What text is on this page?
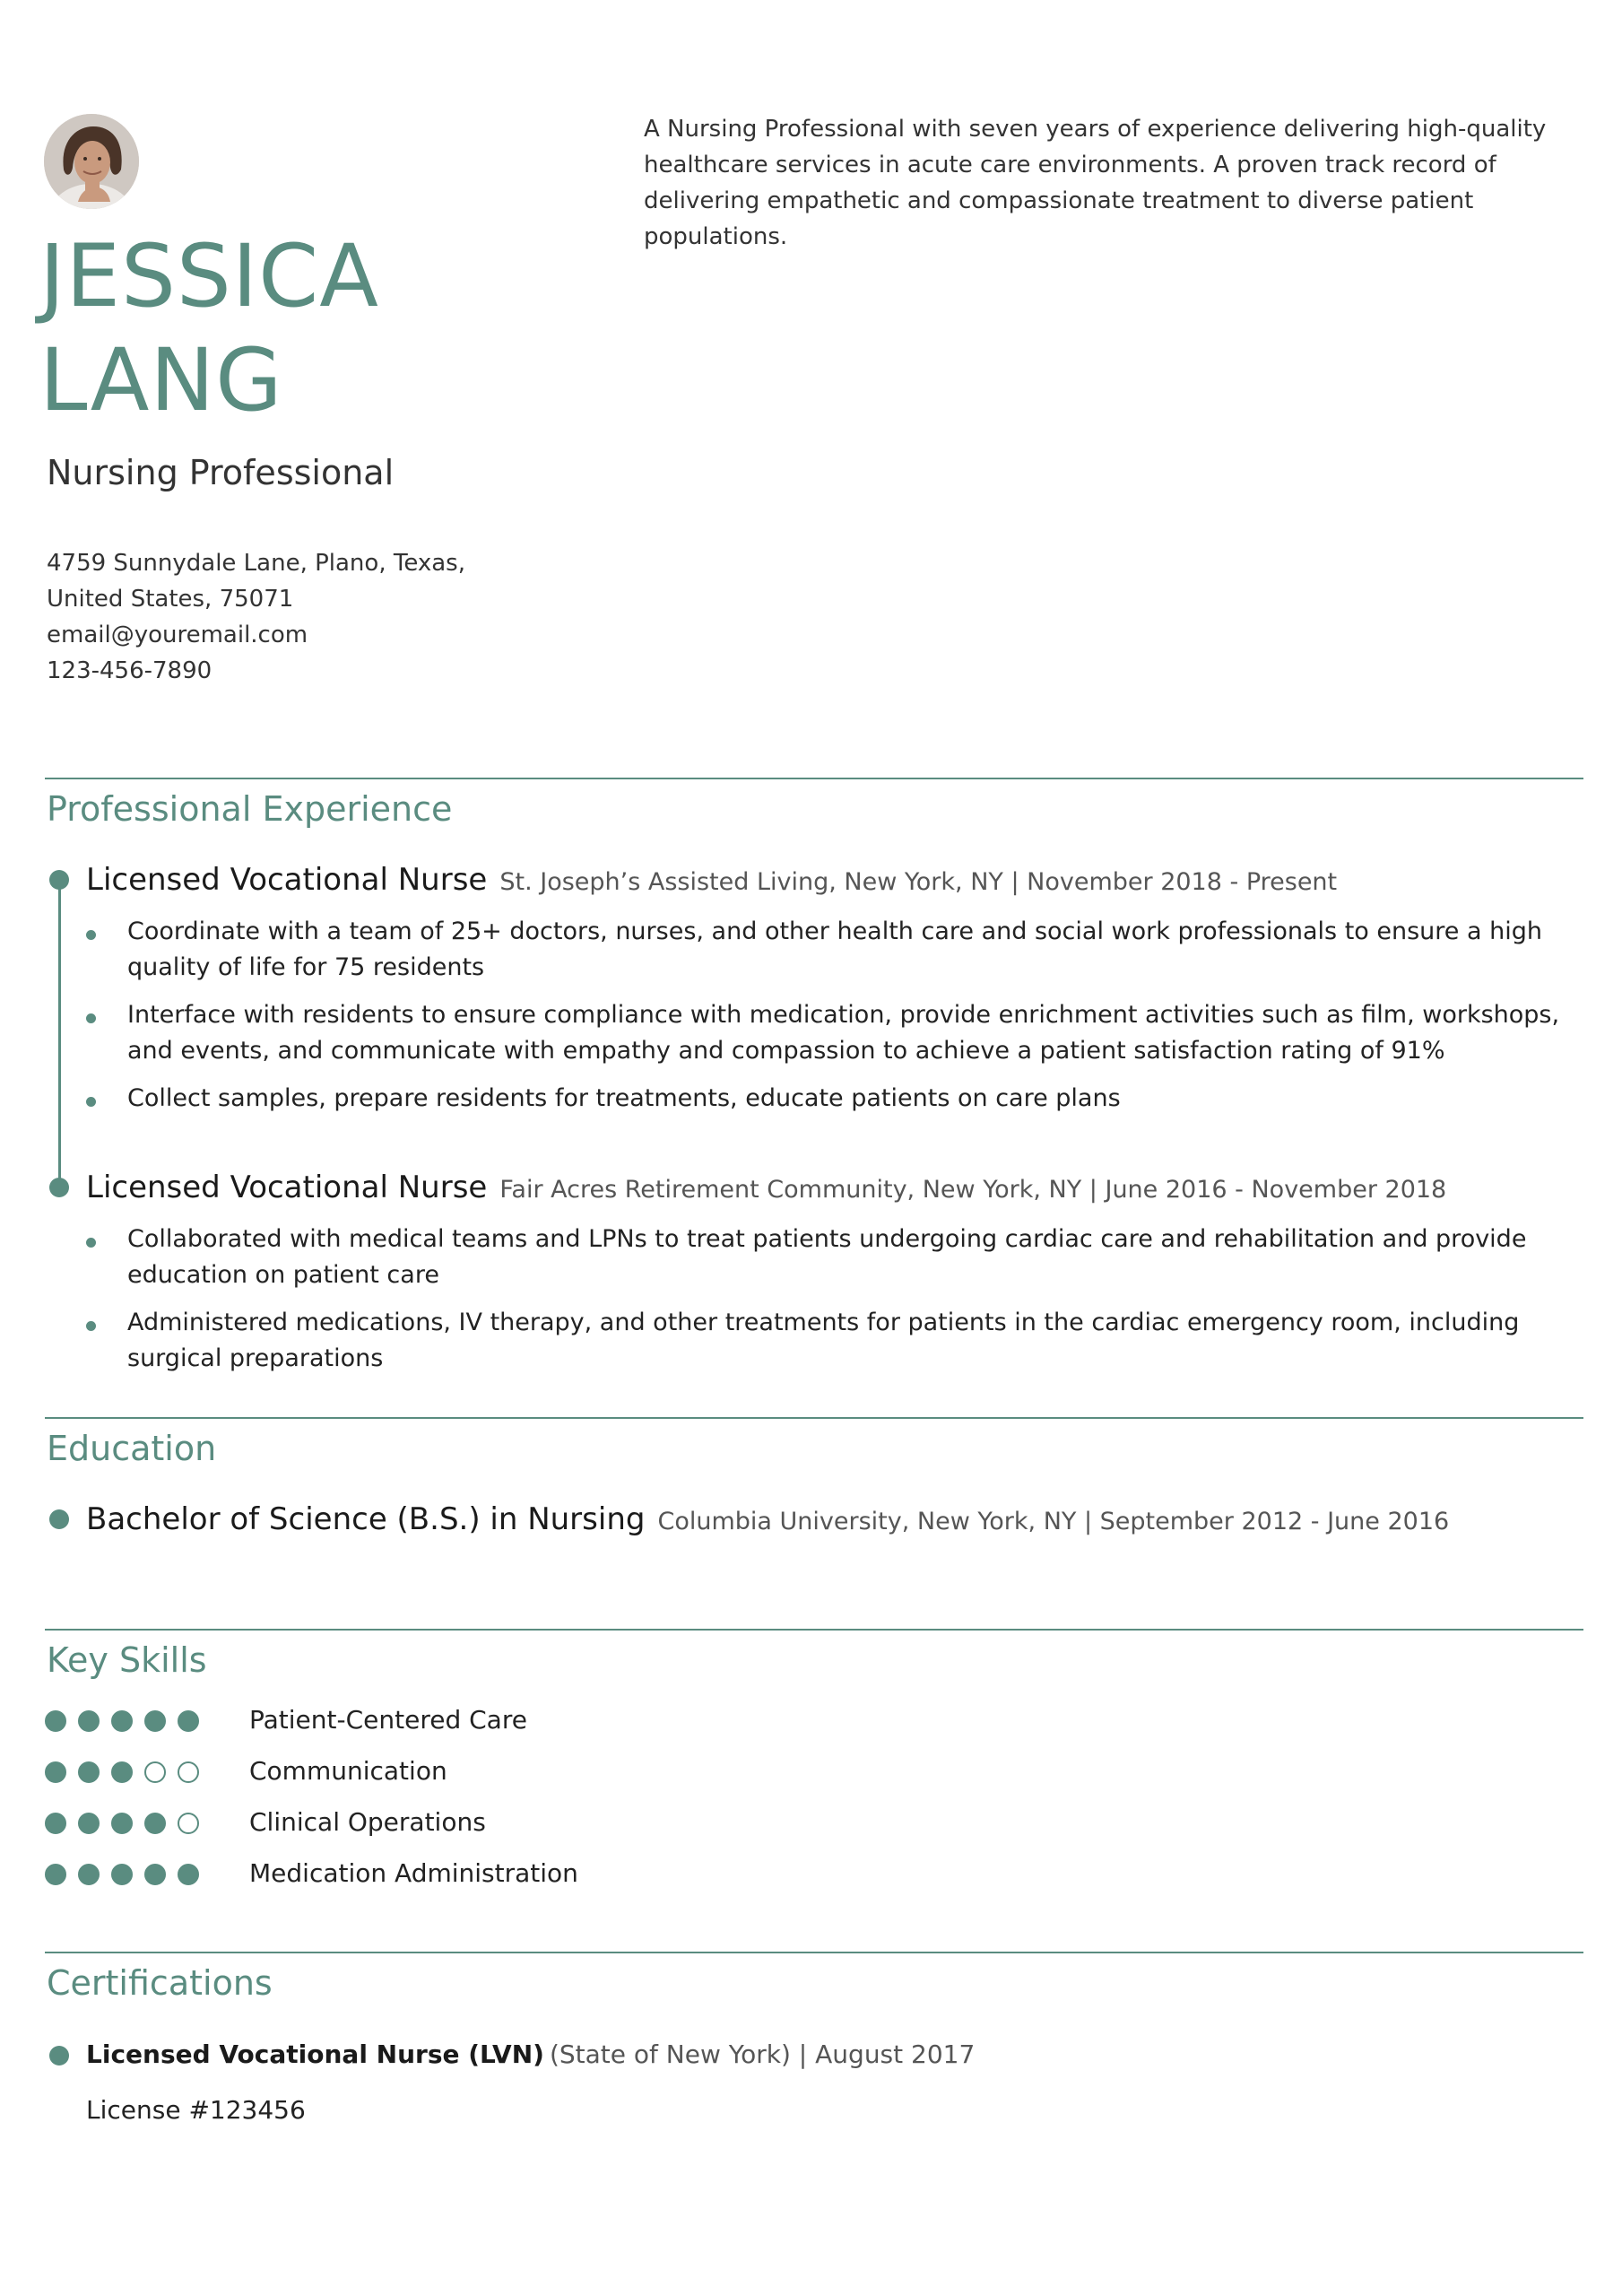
A Nursing Professional with seven years of experience delivering high-quality healthcare services in acute care environments. A proven track record of delivering empathetic and compassionate treatment to diverse patient populations.

JESSICA
LANG
Nursing Professional
4759 Sunnydale Lane, Plano, Texas, United States, 75071
email@youremail.com
123-456-7890
Professional Experience
Licensed Vocational Nurse St. Joseph’s Assisted Living, New York, NY | November 2018 - Present
Coordinate with a team of 25+ doctors, nurses, and other health care and social work professionals to ensure a high quality of life for 75 residents
Interface with residents to ensure compliance with medication, provide enrichment activities such as film, workshops, and events, and communicate with empathy and compassion to achieve a patient satisfaction rating of 91%
Collect samples, prepare residents for treatments, educate patients on care plans
Licensed Vocational Nurse Fair Acres Retirement Community, New York, NY | June 2016 - November 2018
Collaborated with medical teams and LPNs to treat patients undergoing cardiac care and rehabilitation and provide education on patient care
Administered medications, IV therapy, and other treatments for patients in the cardiac emergency room, including surgical preparations
Education
Bachelor of Science (B.S.) in Nursing Columbia University, New York, NY | September 2012 - June 2016
Key Skills
Patient-Centered Care
Communication
Clinical Operations
Medication Administration
Certifications
Licensed Vocational Nurse (LVN) (State of New York) | August 2017
License #123456
